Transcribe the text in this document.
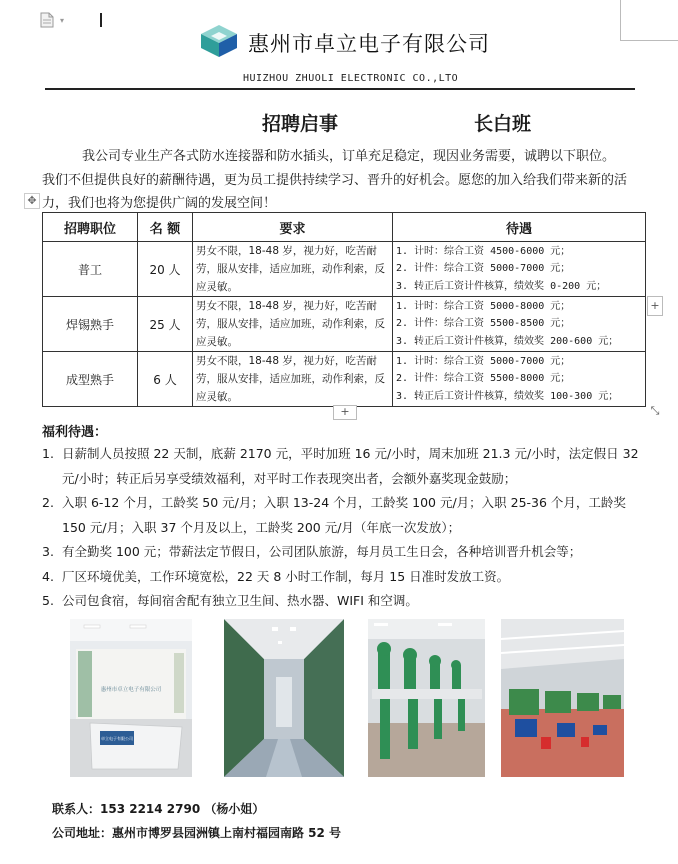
▾
惠州市卓立电子有限公司
HUIZHOU ZHUOLI ELECTRONIC CO.,LTO
招聘启事	长白班

我公司专业生产各式防水连接器和防水插头，订单充足稳定，现因业务需要，诚聘以下职位。

我们不但提供良好的薪酬待遇，更为员工提供持续学习、晋升的好机会。愿您的加入给我们带来新的活力，我们也将为您提供广阔的发展空间！

✥
招聘职位	名 额	要求	待遇
普工	20 人	男女不限，18-48 岁，视力好，吃苦耐劳，服从安排，适应加班，动作利索，反应灵敏。	1. 计时：综合工资 4500-6000 元；
2. 计件：综合工资 5000-7000 元；
3. 转正后工资计件核算，绩效奖 0-200 元；

焊锡熟手	25 人	男女不限，18-48 岁，视力好，吃苦耐劳，服从安排，适应加班，动作利索，反应灵敏。	1. 计时：综合工资 5000-8000 元；
2. 计件：综合工资 5500-8500 元；
3. 转正后工资计件核算，绩效奖 200-600 元；

成型熟手	6 人	男女不限，18-48 岁，视力好，吃苦耐劳，服从安排，适应加班，动作利索，反应灵敏。	1. 计时：综合工资 5000-7000 元；
2. 计件：综合工资 5500-8000 元；
3. 转正后工资计件核算，绩效奖 100-300 元；
+
+	⤡
福利待遇：
1. 日薪制人员按照 22 天制，底薪 2170 元，平时加班 16 元/小时，周末加班 21.3 元/小时，法定假日 32 元/小时；转正后另享受绩效福利，对平时工作表现突出者，会额外嘉奖现金鼓励；
2. 入职 6-12 个月，工龄奖 50 元/月；入职 13-24 个月，工龄奖 100 元/月；入职 25-36 个月，工龄奖 150 元/月；入职 37 个月及以上，工龄奖 200 元/月（年底一次发放）；
3. 有全勤奖 100 元；带薪法定节假日，公司团队旅游，每月员工生日会，各种培训晋升机会等；
4. 厂区环境优美，工作环境宽松，22 天 8 小时工作制，每月 15 日准时发放工资。
5. 公司包食宿，每间宿舍配有独立卫生间、热水器、WIFI 和空调。
惠州市卓立电子有限公司
卓立电子有限公司
联系人：153 2214 2790 （杨小姐）
公司地址：惠州市博罗县园洲镇上南村福园南路 52 号
